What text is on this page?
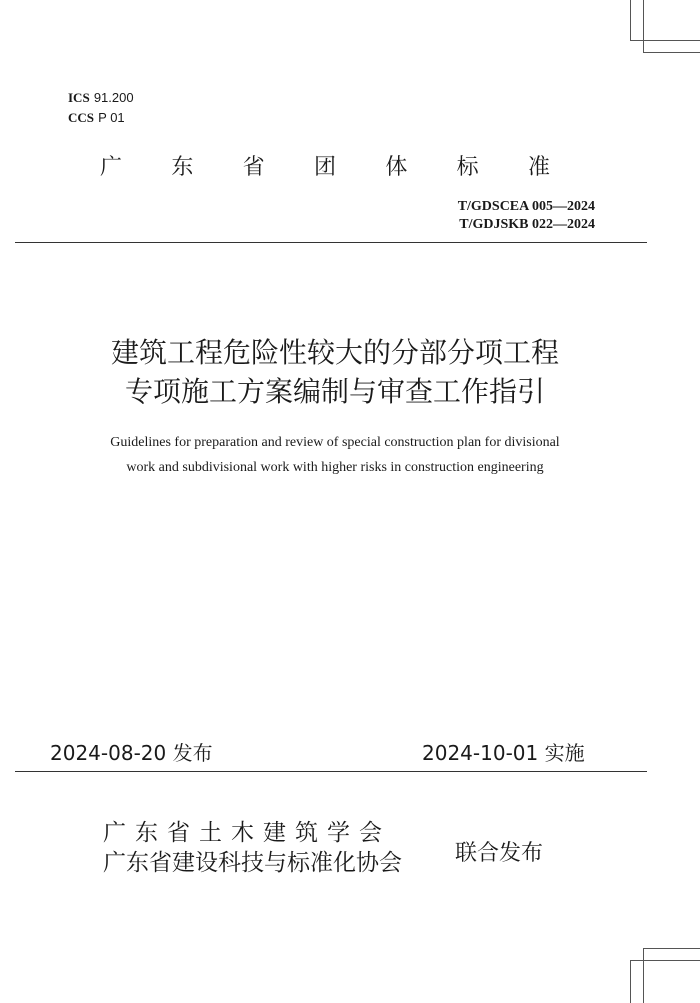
ICS 91.200
CCS P 01
广 东 省 团 体 标 准
T/GDSCEA 005—2024
T/GDJSKB 022—2024
建筑工程危险性较大的分部分项工程
专项施工方案编制与审查工作指引
Guidelines for preparation and review of special construction plan for divisional
work and subdivisional work with higher risks in construction engineering
2024-08-20 发布	2024-10-01 实施
广东省土木建筑学会
广东省建设科技与标准化协会 联合发布
